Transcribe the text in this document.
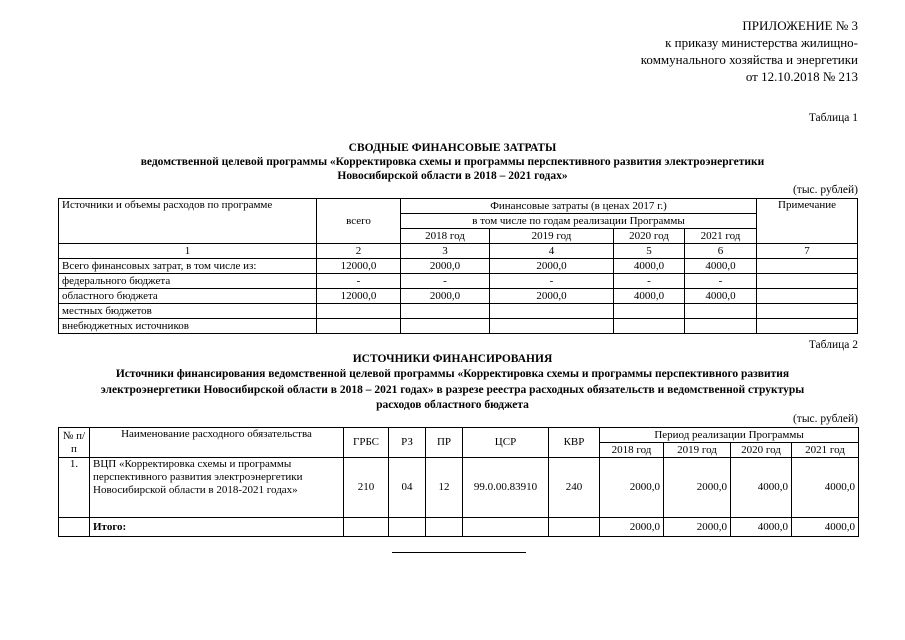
ПРИЛОЖЕНИЕ № 3
к приказу министерства жилищно-
коммунального хозяйства и энергетики
от 12.10.2018 № 213
Таблица 1
СВОДНЫЕ ФИНАНСОВЫЕ ЗАТРАТЫ
ведомственной целевой программы «Корректировка схемы и программы перспективного развития электроэнергетики
Новосибирской области в 2018 – 2021 годах»
(тыс. рублей)
Источники и объемы расходов по программе		Финансовые затраты (в ценах 2017 г.)				Примечание
	всего	в том числе по годам реализации Программы				
		2018 год	2019 год	2020 год	2021 год	
1	2	3	4	5	6	7
Всего финансовых затрат, в том числе из:	12000,0	2000,0	2000,0	4000,0	4000,0	
федерального бюджета	-	-	-	-	-	
областного бюджета	12000,0	2000,0	2000,0	4000,0	4000,0	
местных бюджетов						
внебюджетных источников						
Таблица 2
ИСТОЧНИКИ ФИНАНСИРОВАНИЯ
Источники финансирования ведомственной целевой программы «Корректировка схемы и программы перспективного развития
электроэнергетики Новосибирской области в 2018 – 2021 годах» в разрезе реестра расходных обязательств и ведомственной структуры
расходов областного бюджета
(тыс. рублей)
№ п/п	Наименование расходного обязательства	ГРБС	РЗ	ПР	ЦСР	КВР	Период реализации Программы			
							2018 год	2019 год	2020 год	2021 год
1.	ВЦП «Корректировка схемы и программы перспективного развития электроэнергетики Новосибирской области в 2018-2021 годах»	210	04	12	99.0.00.83910	240	2000,0	2000,0	4000,0	4000,0
	Итого:						2000,0	2000,0	4000,0	4000,0
